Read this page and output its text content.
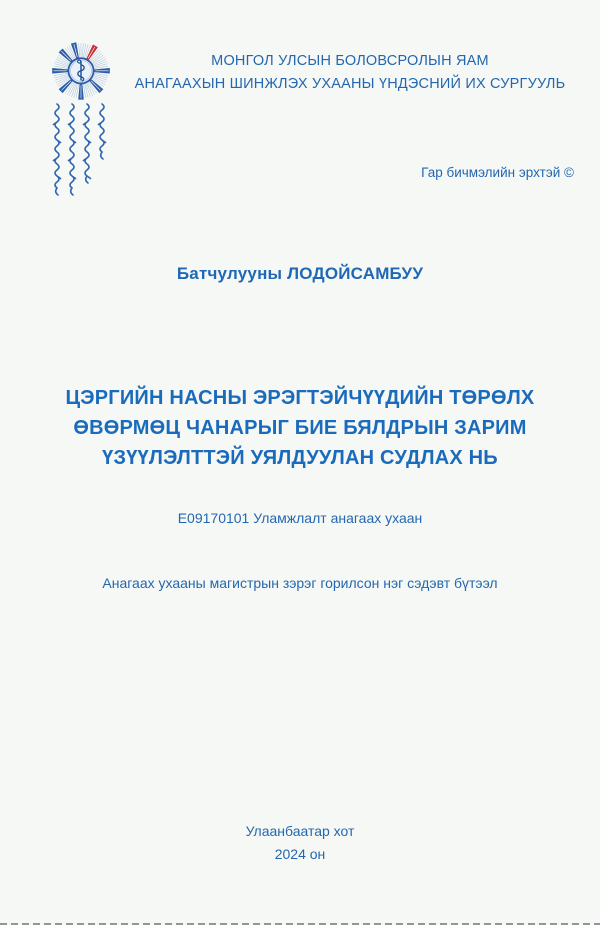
МОНГОЛ УЛСЫН БОЛОВСРОЛЫН ЯАМ
АНАГААХЫН ШИНЖЛЭХ УХААНЫ ҮНДЭСНИЙ ИХ СУРГУУЛЬ
Гар бичмэлийн эрхтэй ©
Батчулууны ЛОДОЙСАМБУУ
ЦЭРГИЙН НАСНЫ ЭРЭГТЭЙЧҮҮДИЙН ТӨРӨЛХ
ӨВӨРМӨЦ ЧАНАРЫГ БИЕ БЯЛДРЫН ЗАРИМ
ҮЗҮҮЛЭЛТТЭЙ УЯЛДУУЛАН СУДЛАХ НЬ
Е09170101 Уламжлалт анагаах ухаан
Анагаах ухааны магистрын зэрэг горилсон нэг сэдэвт бүтээл
Улаанбаатар хот
2024 он
